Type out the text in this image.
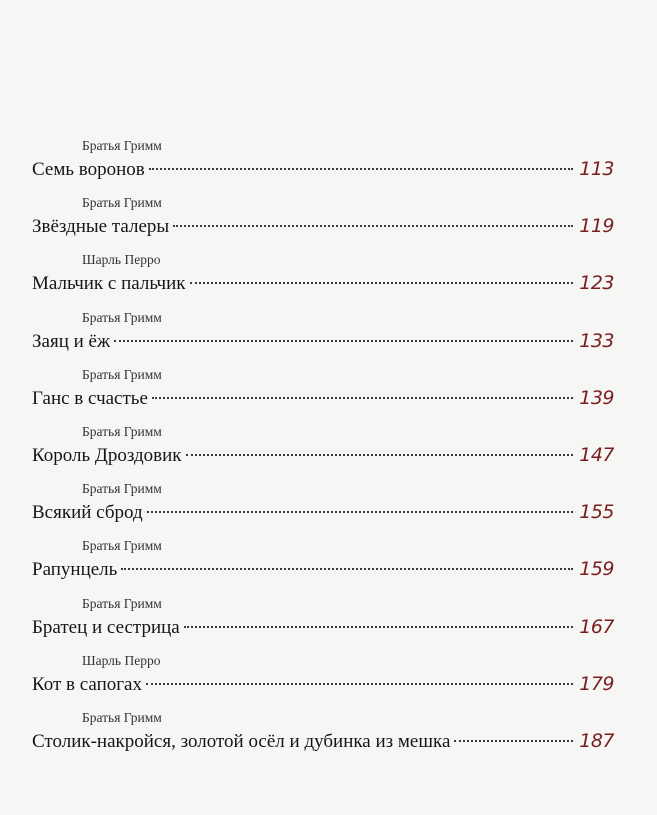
Братья Гримм
Семь воронов	113
Братья Гримм
Звёздные талеры	119
Шарль Перро
Мальчик с пальчик	123
Братья Гримм
Заяц и ёж	133
Братья Гримм
Ганс в счастье	139
Братья Гримм
Король Дроздовик	147
Братья Гримм
Всякий сброд	155
Братья Гримм
Рапунцель	159
Братья Гримм
Братец и сестрица	167
Шарль Перро
Кот в сапогах	179
Братья Гримм
Столик-накройся, золотой осёл и дубинка из мешка	187
